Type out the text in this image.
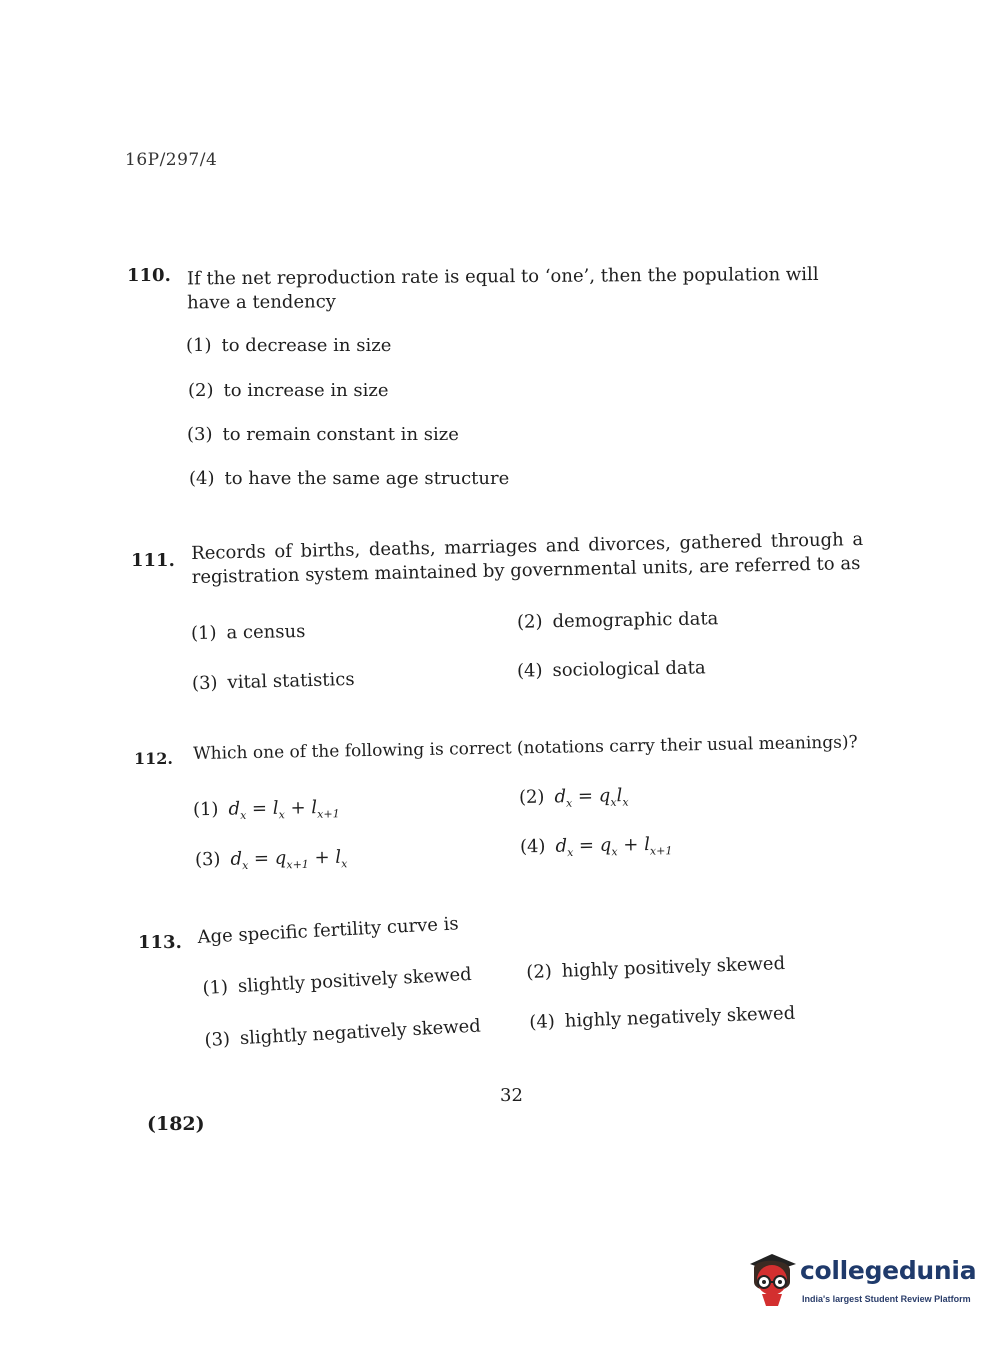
16P/297/4
110. If the net reproduction rate is equal to ‘one’, then the population will have a tendency
(1) to decrease in size
(2) to increase in size
(3) to remain constant in size
(4) to have the same age structure
111. Records of births, deaths, marriages and divorces, gathered through a registration system maintained by governmental units, are referred to as
(1) a census	(2) demographic data
(3) vital statistics	(4) sociological data
112. Which one of the following is correct (notations carry their usual meanings)?
(1) $d_x = l_x + l_{x+1}$
(2) $d_x = q_xl_x$
(3) $d_x = q_{x+1} + l_x$
(4) $d_x = q_x + l_{x+1}$
113. Age specific fertility curve is
(1) slightly positively skewed	(2) highly positively skewed
(3) slightly negatively skewed	(4) highly negatively skewed
32
(182)
collegedunia
India's largest Student Review Platform
